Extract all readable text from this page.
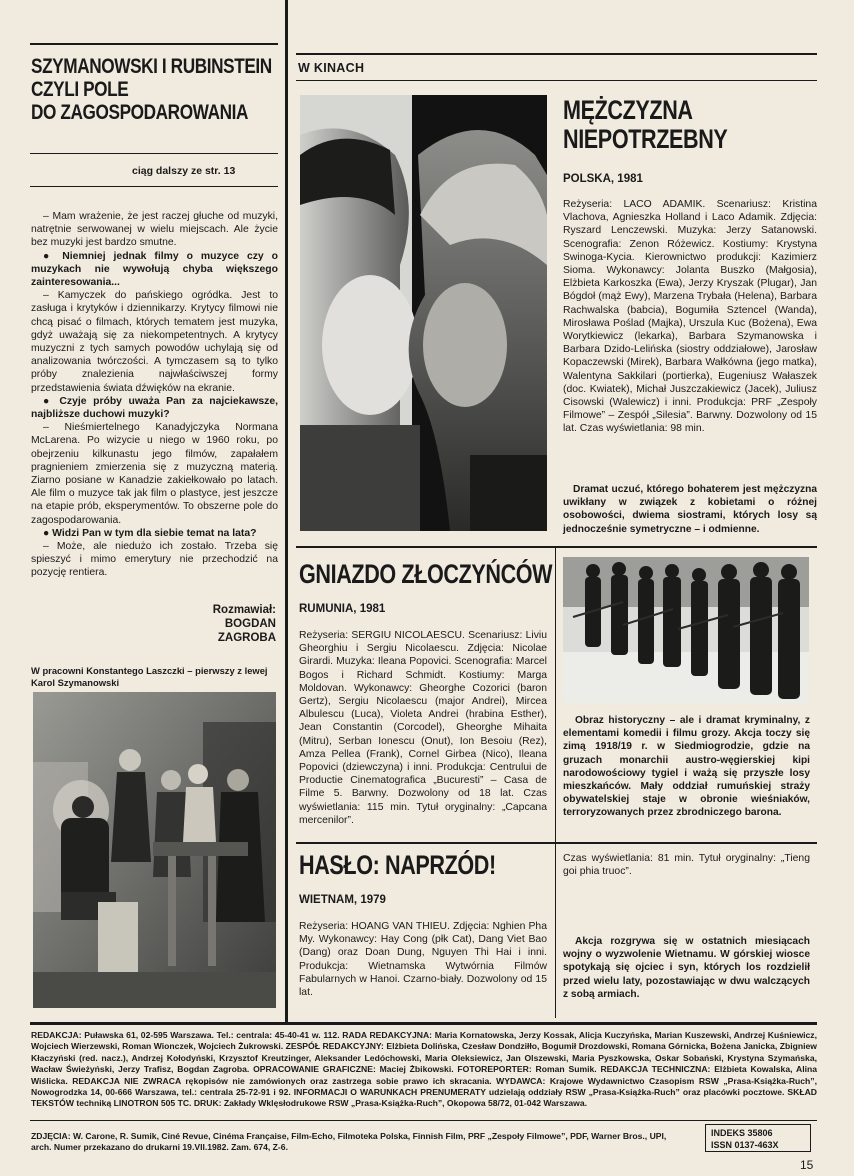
SZYMANOWSKI I RUBINSTEIN
CZYLI POLE
DO ZAGOSPODAROWANIA
ciąg dalszy ze str. 13

– Mam wrażenie, że jest raczej głuche od muzyki, natrętnie serwowanej w wielu miejscach. Ale życie bez muzyki jest bardzo smutne.

● Niemniej jednak filmy o muzyce czy o muzykach nie wywołują chyba większego zainteresowania...

– Kamyczek do pańskiego ogródka. Jest to zasługa i krytyków i dziennikarzy. Krytycy filmowi nie chcą pisać o filmach, których tematem jest muzyka, gdyż uważają się za niekompetentnych. A krytycy muzyczni z tych samych powodów uchylają się od analizowania twórczości. A tymczasem są to tylko próby znalezienia najwłaściwszej formy przedstawienia świata dźwięków na ekranie.

● Czyje próby uważa Pan za najciekawsze, najbliższe duchowi muzyki?

– Nieśmiertelnego Kanadyjczyka Normana McLarena. Po wizycie u niego w 1960 roku, po obejrzeniu kilkunastu jego filmów, zapałałem pragnieniem zmierzenia się z muzyczną materią. Ziarno posiane w Kanadzie zakiełkowało po latach. Ale film o muzyce tak jak film o plastyce, jest jeszcze na etapie prób, eksperymentów. To obszerne pole do zagospodarowania.

● Widzi Pan w tym dla siebie temat na lata?

– Może, ale niedużo ich zostało. Trzeba się spieszyć i mimo emerytury nie przechodzić na pozycję rentiera.

Rozmawiał:
BOGDAN
ZAGROBA
W pracowni Konstantego Laszczki – pierwszy z lewej Karol Szymanowski
W KINACH
MĘŻCZYZNA
NIEPOTRZEBNY
POLSKA, 1981
Reżyseria: LACO ADAMIK. Scenariusz: Kristina Vlachova, Agnieszka Holland i Laco Adamik. Zdjęcia: Ryszard Lenczewski. Muzyka: Jerzy Satanowski. Scenografia: Zenon Różewicz. Kostiumy: Krystyna Swinoga-Kycia. Kierownictwo produkcji: Kazimierz Sioma. Wykonawcy: Jolanta Buszko (Małgosia), Elżbieta Karkoszka (Ewa), Jerzy Kryszak (Plugar), Jan Bógdoł (mąż Ewy), Marzena Trybała (Helena), Barbara Rachwalska (babcia), Bogumiła Sztencel (Wanda), Mirosława Poślad (Majka), Urszula Kuc (Bożena), Ewa Worytkiewicz (lekarka), Barbara Szymanowska i Barbara Dzido-Lelińska (siostry oddziałowe), Jarosław Kopaczewski (Mirek), Barbara Wałkówna (jego matka), Walentyna Sakkilari (portierka), Eugeniusz Wałaszek (doc. Kwiatek), Michał Juszczakiewicz (Jacek), Juliusz Cisowski (Walewicz) i inni. Produkcja: PRF „Zespoły Filmowe” – Zespół „Silesia”. Barwny. Dozwolony od 15 lat. Czas wyświetlania: 98 min.
Dramat uczuć, którego bohaterem jest mężczyzna uwikłany w związek z kobietami o różnej osobowości, dwiema siostrami, których losy są jednocześnie symetryczne – i odmienne.
GNIAZDO ZŁOCZYŃCÓW
RUMUNIA, 1981
Reżyseria: SERGIU NICOLAESCU. Scenariusz: Liviu Gheorghiu i Sergiu Nicolaescu. Zdjęcia: Nicolae Girardi. Muzyka: Ileana Popovici. Scenografia: Marcel Bogos i Richard Schmidt. Kostiumy: Marga Moldovan. Wykonawcy: Gheorghe Cozorici (baron Gertz), Sergiu Nicolaescu (major Andrei), Mircea Albulescu (Luca), Violeta Andrei (hrabina Esther), Jean Constantin (Corcodel), Gheorghe Mihaita (Mitru), Serban Ionescu (Onut), Ion Besoiu (Rez), Amza Pellea (Frank), Cornel Girbea (Nico), Ileana Popovici (dziewczyna) i inni. Produkcja: Centrului de Productie Cinematografica „Bucuresti” – Casa de Filme 5. Barwny. Dozwolony od 18 lat. Czas wyświetlania: 115 min. Tytuł oryginalny: „Capcana mercenilor”.
Obraz historyczny – ale i dramat kryminalny, z elementami komedii i filmu grozy. Akcja toczy się zimą 1918/19 r. w Siedmiogrodzie, gdzie na gruzach monarchii austro-węgierskiej kipi narodowościowy tygiel i ważą się przyszłe losy mieszkańców. Mały oddział rumuńskiej straży obywatelskiej staje w obronie wieśniaków, terroryzowanych przez zbrodniczego barona.
HASŁO: NAPRZÓD!
WIETNAM, 1979
Reżyseria: HOANG VAN THIEU. Zdjęcia: Nghien Pha My. Wykonawcy: Hay Cong (płk Cat), Dang Viet Bao (Dang) oraz Doan Dung, Nguyen Thi Hai i inni. Produkcja: Wietnamska Wytwórnia Filmów Fabularnych w Hanoi. Czarno-biały. Dozwolony od 15 lat.
Czas wyświetlania: 81 min. Tytuł oryginalny: „Tieng goi phia truoc”.
Akcja rozgrywa się w ostatnich miesiącach wojny o wyzwolenie Wietnamu. W górskiej wiosce spotykają się ojciec i syn, których los rozdzielił przed wielu laty, pozostawiając w dwu walczących z sobą armiach.
REDAKCJA: Puławska 61, 02-595 Warszawa. Tel.: centrala: 45-40-41 w. 112. RADA REDAKCYJNA: Maria Kornatowska, Jerzy Kossak, Alicja Kuczyńska, Marian Kuszewski, Andrzej Kuśniewicz, Wojciech Wierzewski, Roman Wionczek, Wojciech Żukrowski. ZESPÓŁ REDAKCYJNY: Elżbieta Dolińska, Czesław Dondziłło, Bogumił Drozdowski, Romana Górnicka, Bożena Janicka, Zbigniew Kłaczyński (red. nacz.), Andrzej Kołodyński, Krzysztof Kreutzinger, Aleksander Ledóchowski, Maria Oleksiewicz, Jan Olszewski, Maria Pyszkowska, Oskar Sobański, Krystyna Szymańska, Wacław Świeżyński, Jerzy Trafisz, Bogdan Zagroba. OPRACOWANIE GRAFICZNE: Maciej Żbikowski. FOTOREPORTER: Roman Sumik. REDAKCJA TECHNICZNA: Elżbieta Kowalska, Alina Wiślicka. REDAKCJA NIE ZWRACA rękopisów nie zamówionych oraz zastrzega sobie prawo ich skracania. WYDAWCA: Krajowe Wydawnictwo Czasopism RSW „Prasa-Książka-Ruch”, Nowogrodzka 14, 00-666 Warszawa, tel.: centrala 25-72-91 i 92. INFORMACJI O WARUNKACH PRENUMERATY udzielają oddziały RSW „Prasa-Książka-Ruch” oraz placówki pocztowe. SKŁAD TEKSTÓW techniką LINOTRON 505 TC. DRUK: Zakłady Wklęsłodrukowe RSW „Prasa-Książka-Ruch”, Okopowa 58/72, 01-042 Warszawa.
ZDJĘCIA: W. Carone, R. Sumik, Ciné Revue, Cinéma Française, Film-Echo, Filmoteka Polska, Finnish Film, PRF „Zespoły Filmowe”, PDF, Warner Bros., UPI, arch. Numer przekazano do drukarni 19.VII.1982. Zam. 674, Z-6.
INDEKS 35806
ISSN 0137-463X
15
